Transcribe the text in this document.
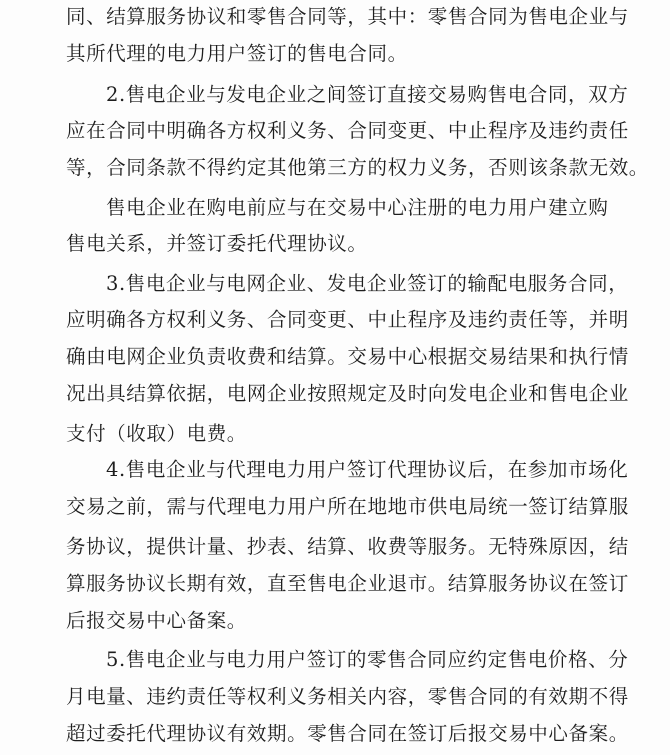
同、结算服务协议和零售合同等，其中：零售合同为售电企业与
其所代理的电力用户签订的售电合同。
2.售电企业与发电企业之间签订直接交易购售电合同，双方
应在合同中明确各方权利义务、合同变更、中止程序及违约责任
等，合同条款不得约定其他第三方的权力义务，否则该条款无效。
售电企业在购电前应与在交易中心注册的电力用户建立购
售电关系，并签订委托代理协议。
3.售电企业与电网企业、发电企业签订的输配电服务合同，
应明确各方权利义务、合同变更、中止程序及违约责任等，并明
确由电网企业负责收费和结算。交易中心根据交易结果和执行情
况出具结算依据，电网企业按照规定及时向发电企业和售电企业
支付（收取）电费。
4.售电企业与代理电力用户签订代理协议后，在参加市场化
交易之前，需与代理电力用户所在地地市供电局统一签订结算服
务协议，提供计量、抄表、结算、收费等服务。无特殊原因，结
算服务协议长期有效，直至售电企业退市。结算服务协议在签订
后报交易中心备案。
5.售电企业与电力用户签订的零售合同应约定售电价格、分
月电量、违约责任等权利义务相关内容，零售合同的有效期不得
超过委托代理协议有效期。零售合同在签订后报交易中心备案。
